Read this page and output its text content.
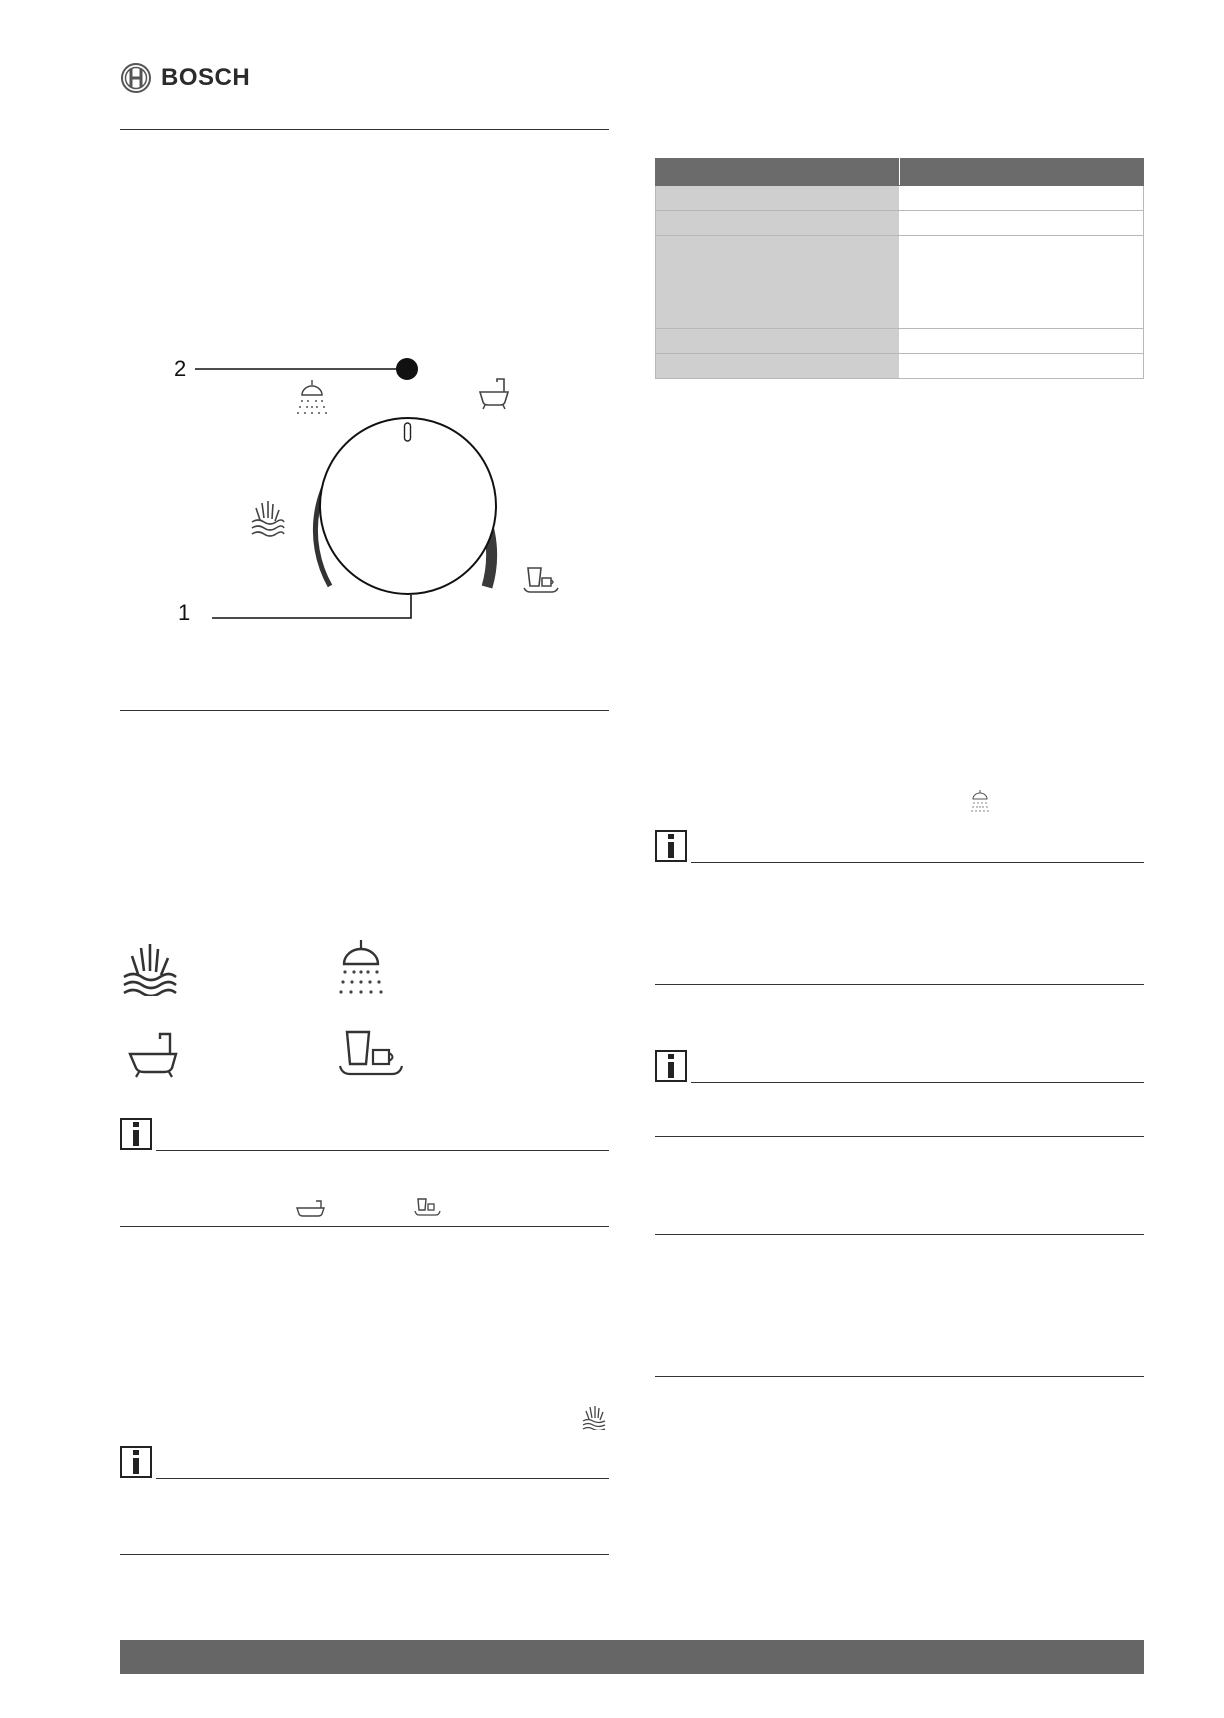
BOSCH
2
1
